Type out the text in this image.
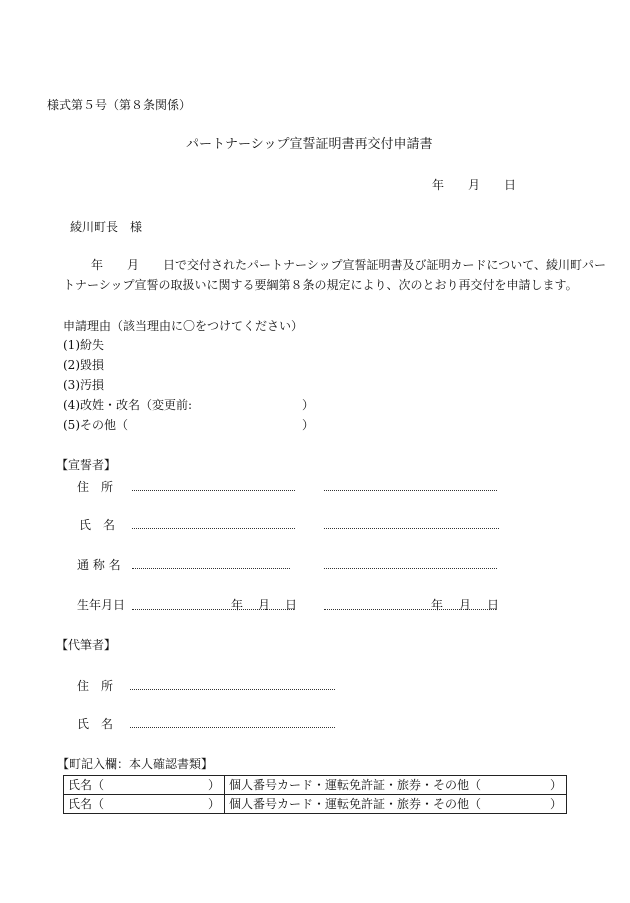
様式第５号（第８条関係）
パートナーシップ宣誓証明書再交付申請書
年 月 日
綾川町長　様
年　　月　　日で交付されたパートナーシップ宣誓証明書及び証明カードについて、綾川町パー
トナーシップ宣誓の取扱いに関する要綱第８条の規定により、次のとおり再交付を申請します。
申請理由（該当理由に〇をつけてください）
(1)紛失
(2)毀損
(3)汚損
(4)改姓・改名（変更前:	）
(5)その他（	）
【宣誓者】
住　所
氏　名
通 称 名
生年月日	年 月 日	年 月 日
【代筆者】
住　所
氏　名
【町記入欄：本人確認書類】
氏名（ ）	個人番号カード・運転免許証・旅券・その他（ ）

氏名（ ）	個人番号カード・運転免許証・旅券・その他（ ）
